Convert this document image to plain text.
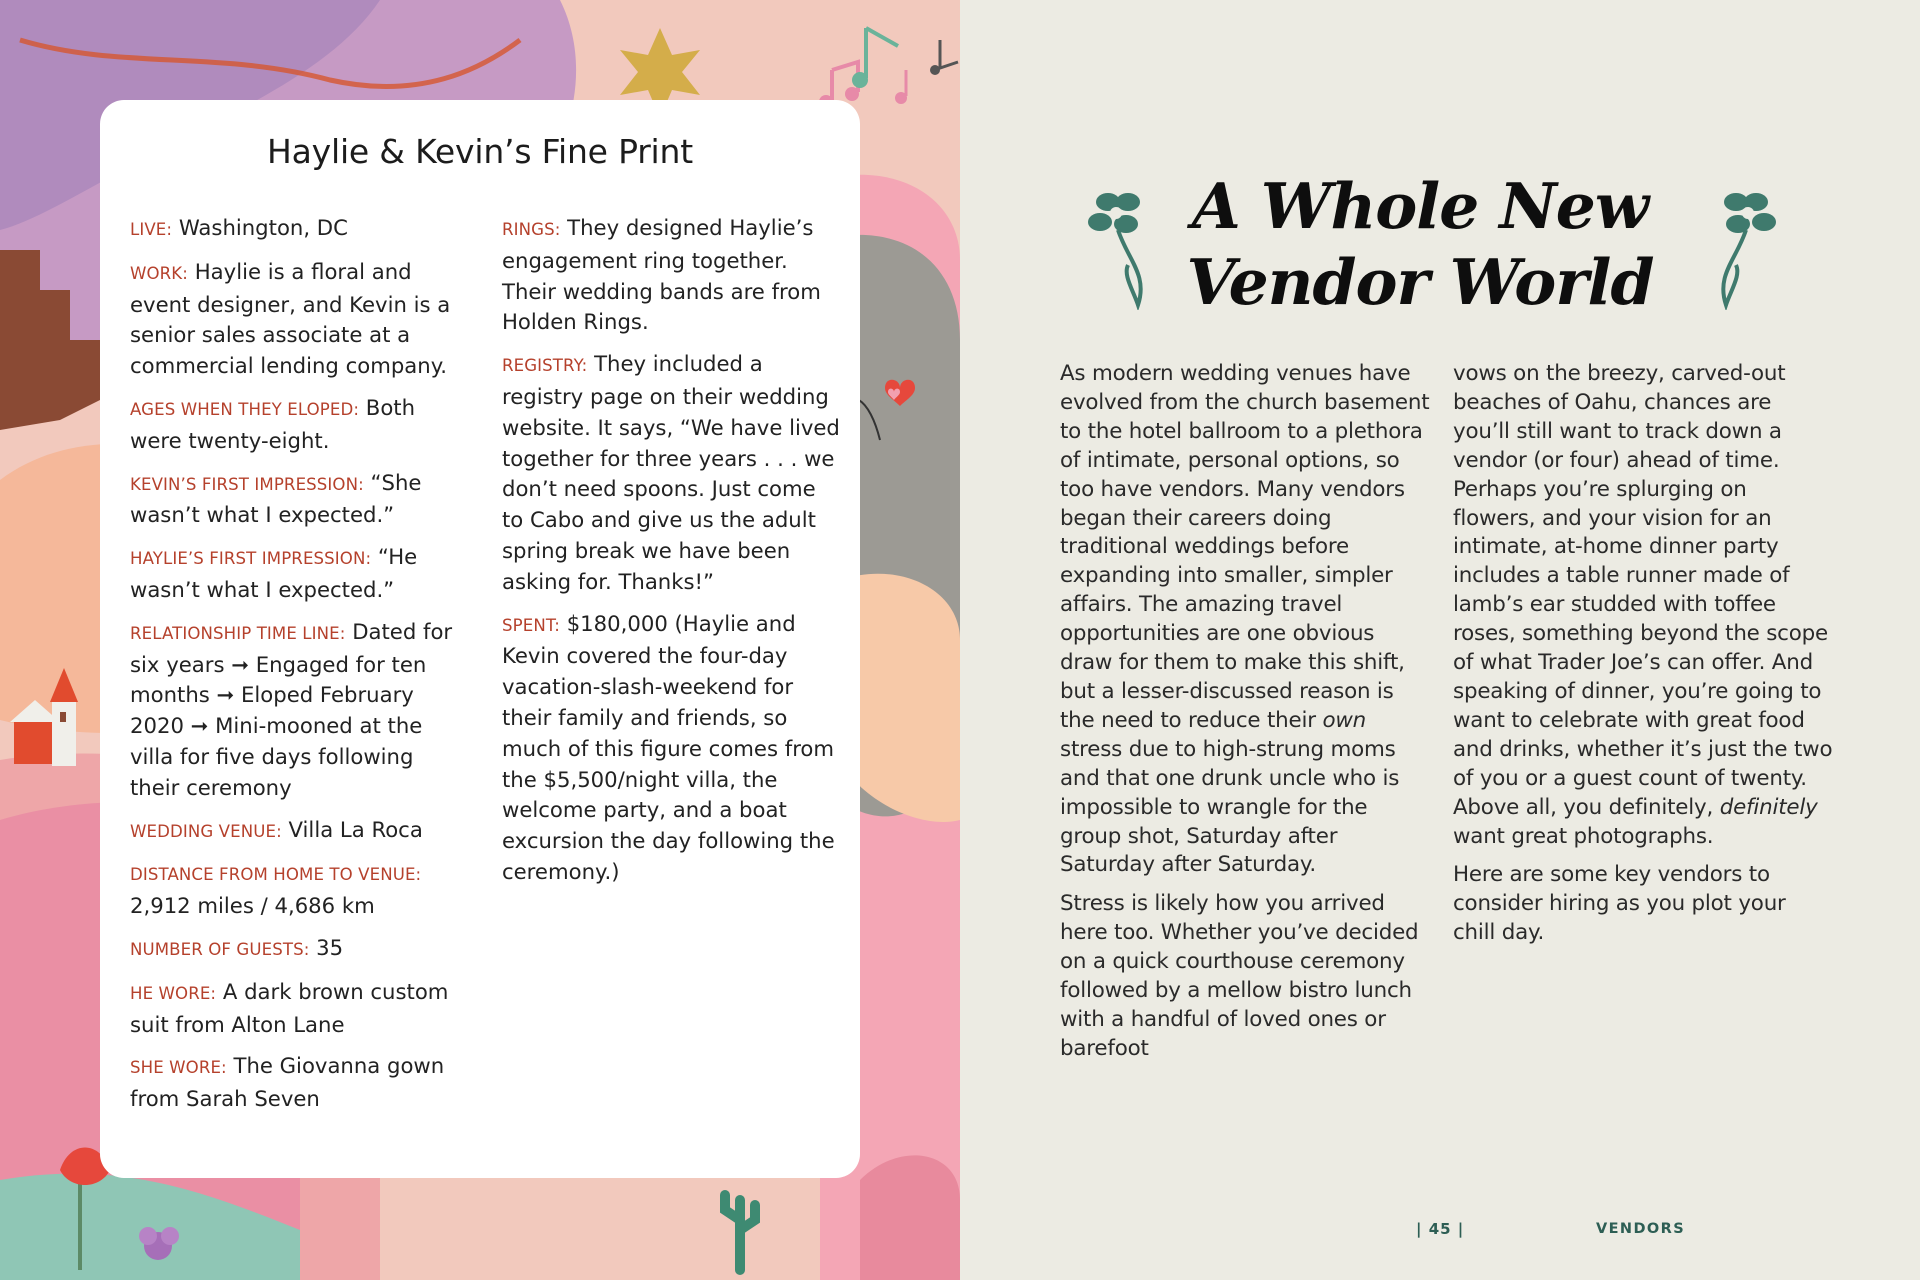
Haylie & Kevin’s Fine Print

LIVE: Washington, DC

WORK: Haylie is a floral and event designer, and Kevin is a senior sales associate at a commercial lending company.

AGES WHEN THEY ELOPED: Both were twenty-eight.

KEVIN’S FIRST IMPRESSION: “She wasn’t what I expected.”

HAYLIE’S FIRST IMPRESSION: “He wasn’t what I expected.”

RELATIONSHIP TIME LINE: Dated for six years ➞ Engaged for ten months ➞ Eloped February 2020 ➞ Mini-mooned at the villa for five days following their ceremony

WEDDING VENUE: Villa La Roca

DISTANCE FROM HOME TO VENUE: 2,912 miles / 4,686 km

NUMBER OF GUESTS: 35

HE WORE: A dark brown custom suit from Alton Lane

SHE WORE: The Giovanna gown from Sarah Seven

RINGS: They designed Haylie’s engagement ring together. Their wedding bands are from Holden Rings.

REGISTRY: They included a registry page on their wedding website. It says, “We have lived together for three years . . . we don’t need spoons. Just come to Cabo and give us the adult spring break we have been asking for. Thanks!”

SPENT: $180,000 (Haylie and Kevin covered the four-day vacation-slash-weekend for their family and friends, so much of this figure comes from the $5,500/night villa, the welcome party, and a boat excursion the day following the ceremony.)

A Whole New
Vendor World

As modern wedding venues have evolved from the church basement to the hotel ballroom to a plethora of intimate, personal options, so too have vendors. Many vendors began their careers doing traditional weddings before expanding into smaller, simpler affairs. The amazing travel opportunities are one obvious draw for them to make this shift, but a lesser-discussed reason is the need to reduce their own stress due to high-strung moms and that one drunk uncle who is impossible to wrangle for the group shot, Saturday after Saturday after Saturday.

Stress is likely how you arrived here too. Whether you’ve decided on a quick courthouse ceremony followed by a mellow bistro lunch with a handful of loved ones or barefoot

vows on the breezy, carved-out beaches of Oahu, chances are you’ll still want to track down a vendor (or four) ahead of time. Perhaps you’re splurging on flowers, and your vision for an intimate, at-home dinner party includes a table runner made of lamb’s ear studded with toffee roses, something beyond the scope of what Trader Joe’s can offer. And speaking of dinner, you’re going to want to celebrate with great food and drinks, whether it’s just the two of you or a guest count of twenty. Above all, you definitely, definitely want great photographs.

Here are some key vendors to consider hiring as you plot your chill day.

| 45 |	VENDORS
